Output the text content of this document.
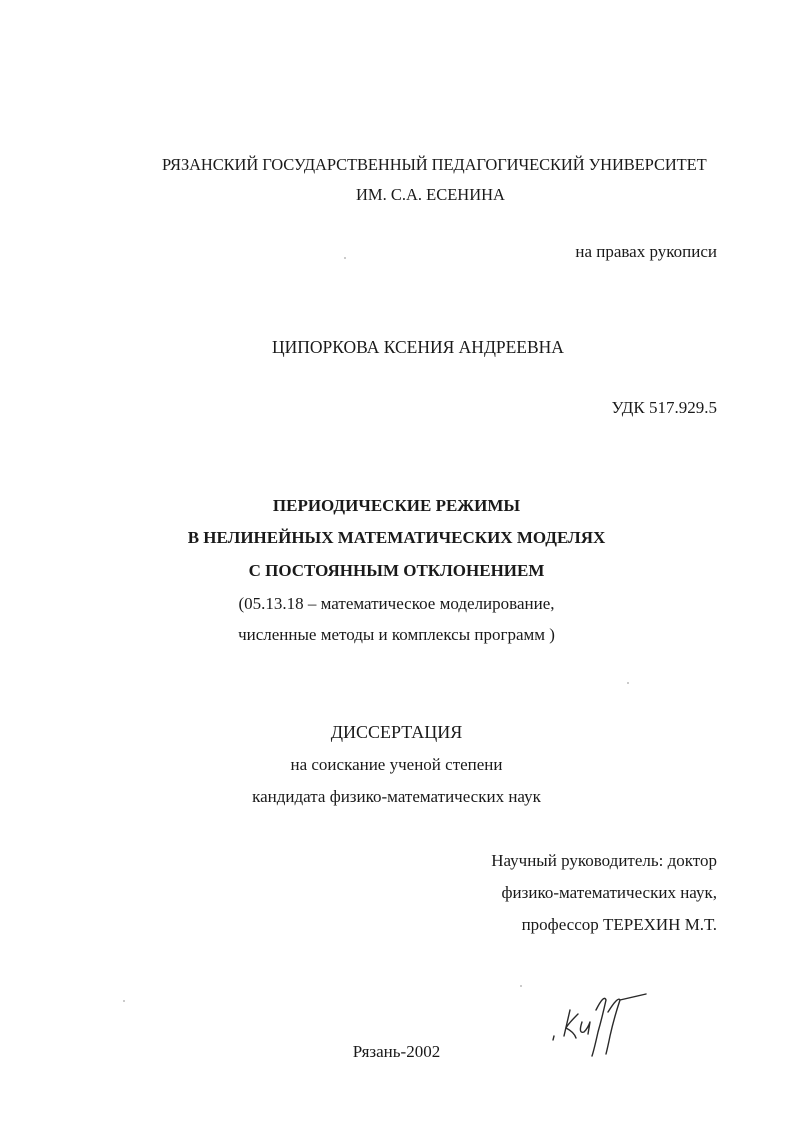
РЯЗАНСКИЙ ГОСУДАРСТВЕННЫЙ ПЕДАГОГИЧЕСКИЙ УНИВЕРСИТЕТ
ИМ. С.А. ЕСЕНИНА
на правах рукописи
ЦИПОРКОВА КСЕНИЯ АНДРЕЕВНА
УДК 517.929.5
ПЕРИОДИЧЕСКИЕ РЕЖИМЫ
В НЕЛИНЕЙНЫХ МАТЕМАТИЧЕСКИХ МОДЕЛЯХ
С ПОСТОЯННЫМ ОТКЛОНЕНИЕМ
(05.13.18 – математическое моделирование,
численные методы и комплексы программ )
ДИССЕРТАЦИЯ
на соискание ученой степени
кандидата физико-математических наук
Научный руководитель: доктор
физико-математических наук,
профессор ТЕРЕХИН М.Т.
Рязань-2002
